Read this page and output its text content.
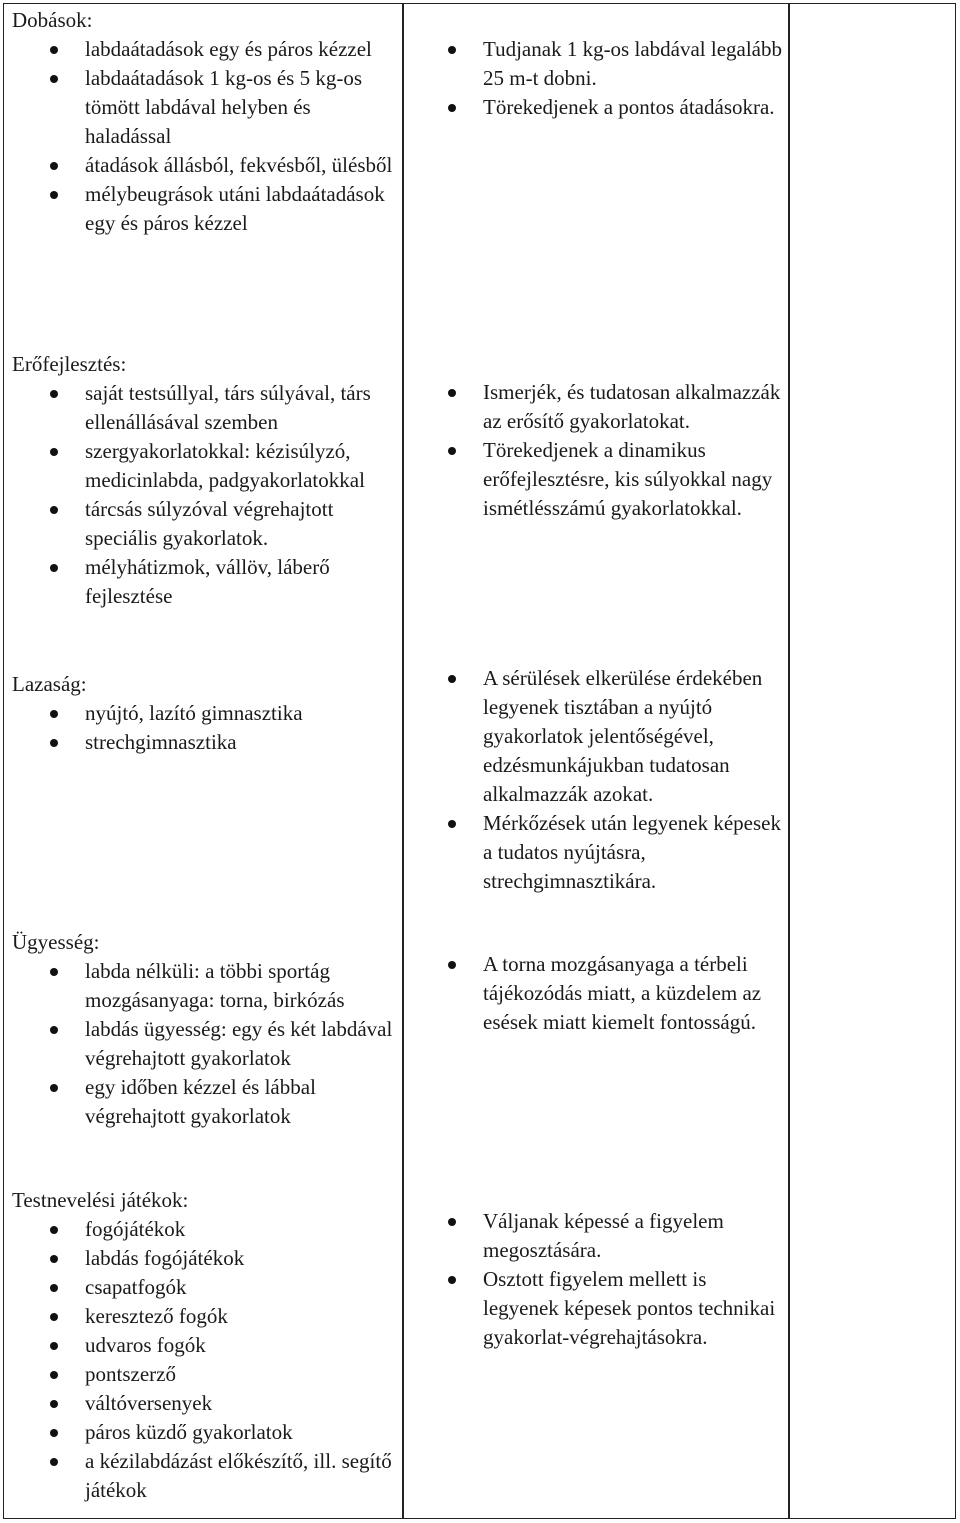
Dobások:
labdaátadások egy és páros kézzel
labdaátadások 1 kg-os és 5 kg-os tömött labdával helyben és haladással
átadások állásból, fekvésből, ülésből
mélybeugrások utáni labdaátadások egy és páros kézzel
Tudjanak 1 kg-os labdával legalább 25 m-t dobni.
Törekedjenek a pontos átadásokra.
Erőfejlesztés:
saját testsúllyal, társ súlyával, társ ellenállásával szemben
szergyakorlatokkal: kézisúlyzó, medicinlabda, padgyakorlatokkal
tárcsás súlyzóval végrehajtott speciális gyakorlatok.
mélyhátizmok, vállöv, láberő fejlesztése
Ismerjék, és tudatosan alkalmazzák az erősítő gyakorlatokat.
Törekedjenek a dinamikus erőfejlesztésre, kis súlyokkal nagy ismétlésszámú gyakorlatokkal.
Lazaság:
nyújtó, lazító gimnasztika
strechgimnasztika
A sérülések elkerülése érdekében legyenek tisztában a nyújtó gyakorlatok jelentőségével, edzésmunkájukban tudatosan alkalmazzák azokat.
Mérkőzések után legyenek képesek a tudatos nyújtásra, strechgimnasztikára.
Ügyesség:
labda nélküli: a többi sportág mozgásanyaga: torna, birkózás
labdás ügyesség: egy és két labdával végrehajtott gyakorlatok
egy időben kézzel és lábbal végrehajtott gyakorlatok
A torna mozgásanyaga a térbeli tájékozódás miatt, a küzdelem az esések miatt kiemelt fontosságú.
Testnevelési játékok:
fogójátékok
labdás fogójátékok
csapatfogók
keresztező fogók
udvaros fogók
pontszerző
váltóversenyek
páros küzdő gyakorlatok
a kézilabdázást előkészítő, ill. segítő játékok
Váljanak képessé a figyelem megosztására.
Osztott figyelem mellett is legyenek képesek pontos technikai gyakorlat-végrehajtásokra.
